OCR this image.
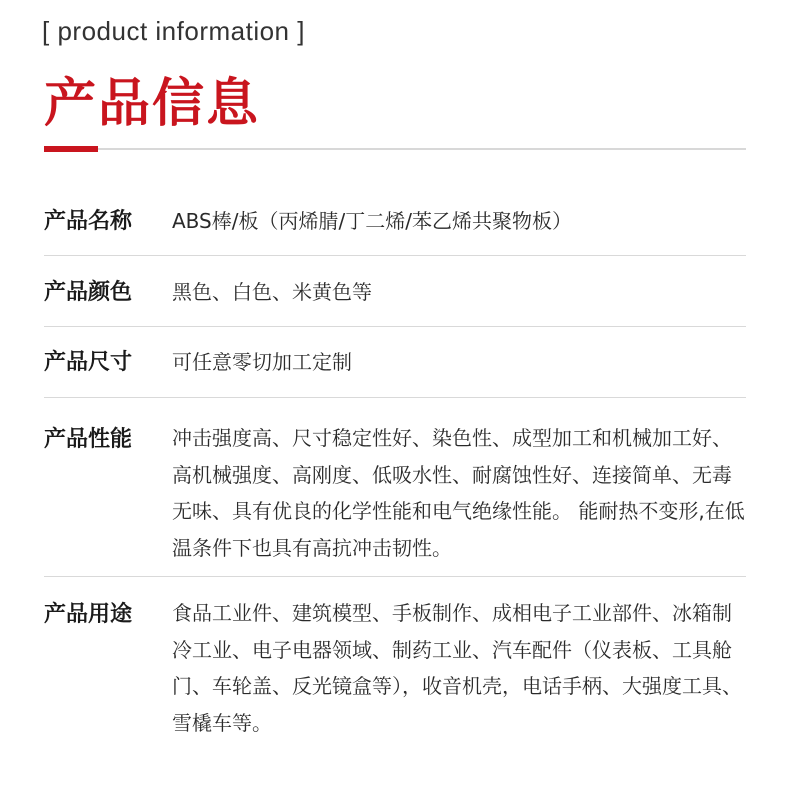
[ product information ]
产品信息
产品名称 ABS棒/板（丙烯腈/丁二烯/苯乙烯共聚物板）
产品颜色 黑色、白色、米黄色等
产品尺寸 可任意零切加工定制
产品性能 冲击强度高、尺寸稳定性好、染色性、成型加工和机械加工好、高机械强度、高刚度、低吸水性、耐腐蚀性好、连接简单、无毒无味、具有优良的化学性能和电气绝缘性能。 能耐热不变形,在低温条件下也具有高抗冲击韧性。
产品用途 食品工业件、建筑模型、手板制作、成相电子工业部件、冰箱制冷工业、电子电器领域、制药工业、汽车配件（仪表板、工具舱门、车轮盖、反光镜盒等），收音机壳，电话手柄、大强度工具、雪橇车等。
